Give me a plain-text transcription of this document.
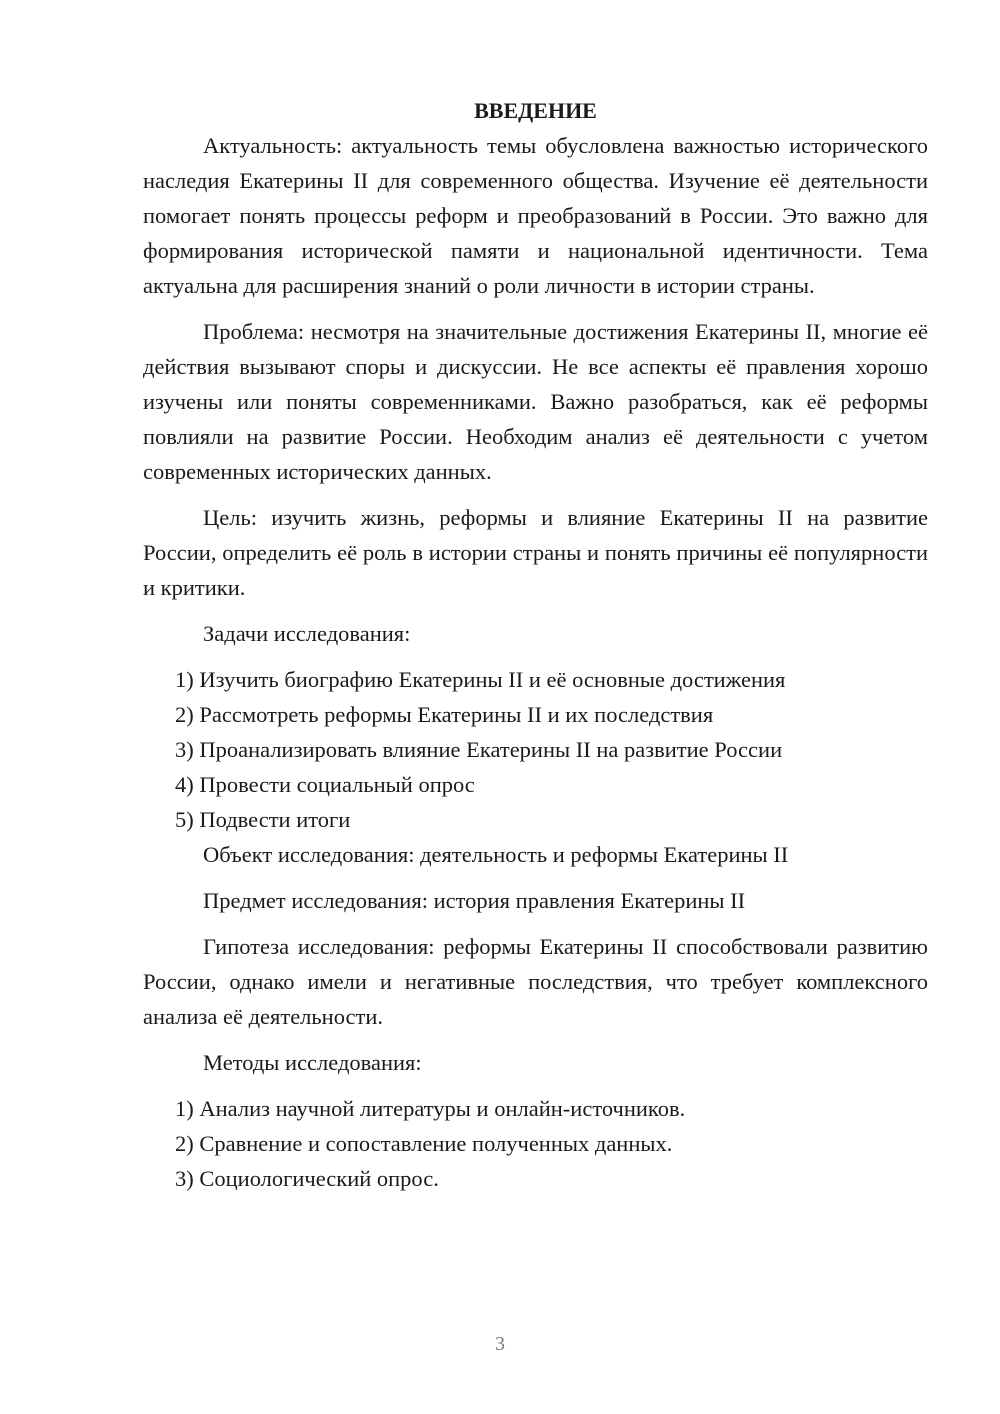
ВВЕДЕНИЕ

Актуальность: актуальность темы обусловлена важностью исторического наследия Екатерины II для современного общества. Изучение её деятельности помогает понять процессы реформ и преобразований в России. Это важно для формирования исторической памяти и национальной идентичности. Тема актуальна для расширения знаний о роли личности в истории страны.

Проблема: несмотря на значительные достижения Екатерины II, многие её действия вызывают споры и дискуссии. Не все аспекты её правления хорошо изучены или поняты современниками. Важно разобраться, как её реформы повлияли на развитие России. Необходим анализ её деятельности с учетом современных исторических данных.

Цель: изучить жизнь, реформы и влияние Екатерины II на развитие России, определить её роль в истории страны и понять причины её популярности и критики.

Задачи исследования:

1) Изучить биографию Екатерины II и её основные достижения

2) Рассмотреть реформы Екатерины II и их последствия

3) Проанализировать влияние Екатерины II на развитие России

4) Провести социальный опрос

5) Подвести итоги

Объект исследования: деятельность и реформы Екатерины II

Предмет исследования: история правления Екатерины II

Гипотеза исследования: реформы Екатерины II способствовали развитию России, однако имели и негативные последствия, что требует комплексного анализа её деятельности.

Методы исследования:

1) Анализ научной литературы и онлайн-источников.

2) Сравнение и сопоставление полученных данных.

3) Социологический опрос.

3
